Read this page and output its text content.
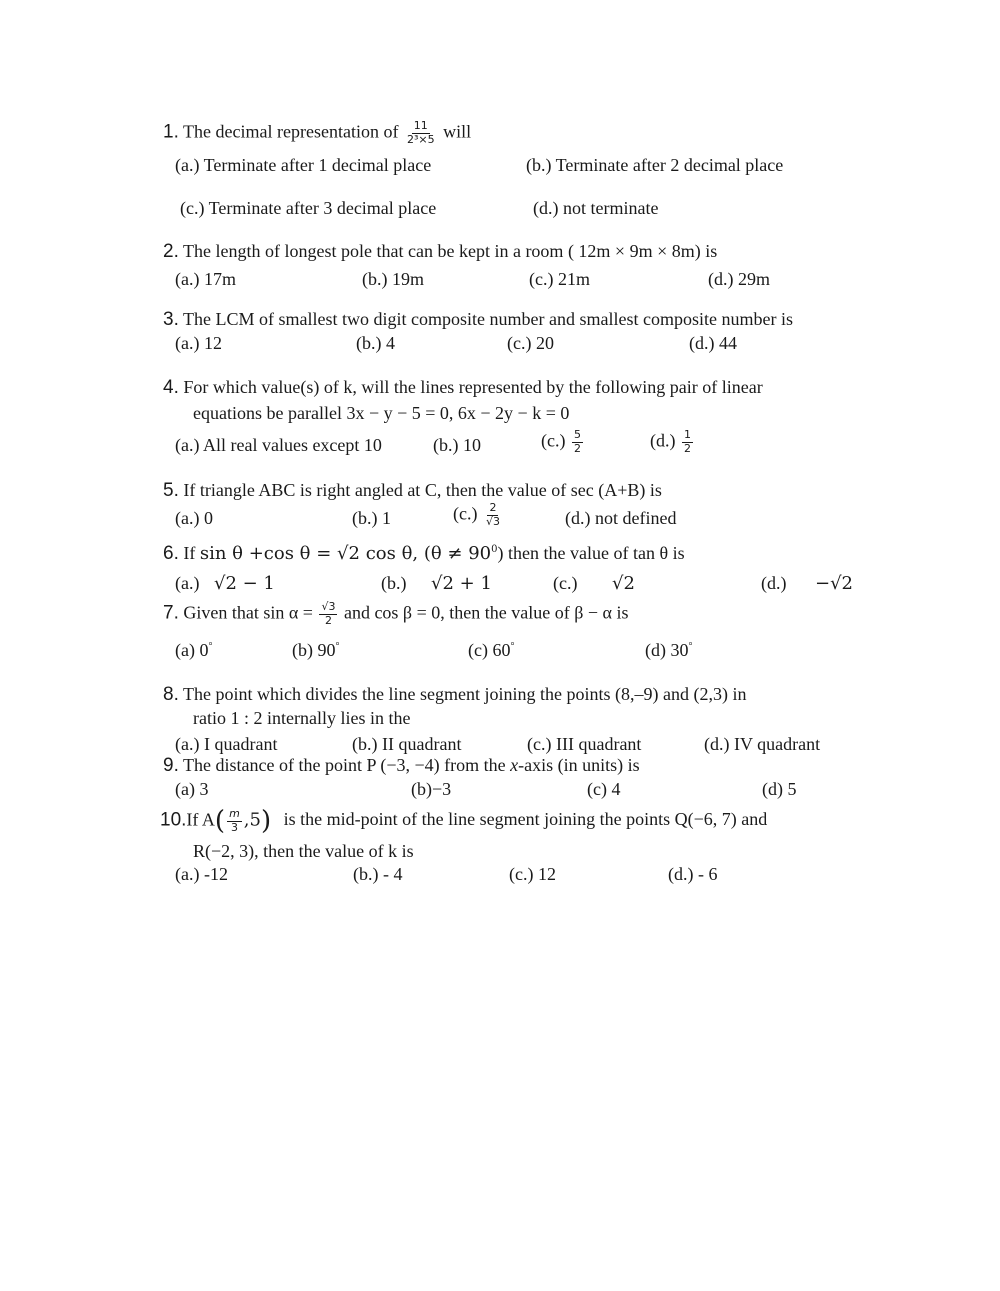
1. The decimal representation of $\frac{11}{\text{2³×5}}$ will
(a.) Terminate after 1 decimal place	(b.) Terminate after 2 decimal place
(c.) Terminate after 3 decimal place	(d.) not terminate
2. The length of longest pole that can be kept in a room ( 12m × 9m × 8m) is
(a.) 17m	(b.) 19m	(c.) 21m	(d.) 29m
3. The LCM of smallest two digit composite number and smallest composite number is
(a.) 12	(b.) 4	(c.) 20	(d.) 44
4. For which value(s) of k, will the lines represented by the following pair of linear
equations be parallel 3x − y − 5 = 0, 6x − 2y − k = 0
(a.) All real values except 10	(b.) 10	$(c.) \frac{5}{2}$	$(d.) \frac{1}{2}$
5. If triangle ABC is right angled at C, then the value of sec (A+B) is
(a.) 0	(b.) 1	$(c.) \frac{2}{√3}$	(d.) not defined
6. If sin θ +cos θ = √2 cos θ, $(\theta \ne 90^0)$ then the value of tan θ is
(a.) √2 − 1	(b.) √2 + 1	(c.) √2	(d.) −√2
7. Given that $\sin \alpha = \frac{√3}{2}$ and cos β = 0, then the value of β − α is
(a) 0°	(b) 90°	(c) 60°	(d) 30°
8. The point which divides the line segment joining the points (8,–9) and (2,3) in
ratio 1 : 2 internally lies in the
(a.) I quadrant	(b.) II quadrant	(c.) III quadrant	(d.) IV quadrant
9. The distance of the point P (−3, −4) from the x-axis (in units) is
(a) 3	(b)−3	(c) 4	(d) 5
10.If $A( \frac{m}{3} ,5)$ is the mid-point of the line segment joining the points Q(−6, 7) and
R(−2, 3), then the value of k is
(a.) -12	(b.) - 4	(c.) 12	(d.) - 6
